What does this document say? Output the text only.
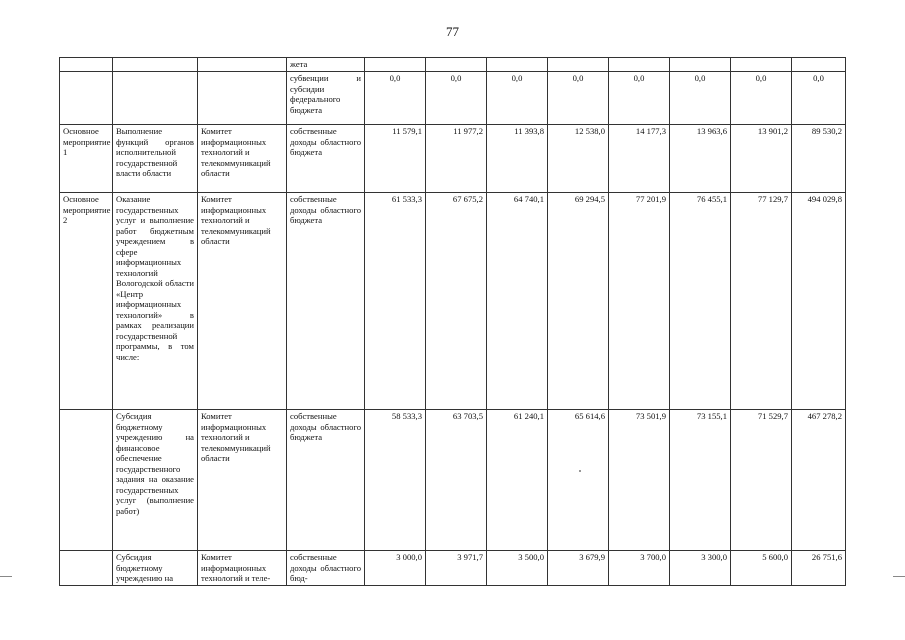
77
			жета								
			субвенции и субсидии федерального бюджета	0,0	0,0	0,0	0,0	0,0	0,0	0,0	0,0
Основное мероприятие 1	Выполнение функций органов исполнительной государственной власти области	Комитет информационных технологий и телекоммуникаций области	собственные доходы областного бюджета	11 579,1	11 977,2	11 393,8	12 538,0	14 177,3	13 963,6	13 901,2	89 530,2
Основное мероприятие 2	Оказание государственных услуг и выполнение работ бюджетным учреждением в сфере информационных технологий Вологодской области «Центр информационных технологий» в рамках реализации государственной программы, в том числе:	Комитет информационных технологий и телекоммуникаций области	собственные доходы областного бюджета	61 533,3	67 675,2	64 740,1	69 294,5	77 201,9	76 455,1	77 129,7	494 029,8
	Субсидия бюджетному учреждению на финансовое обеспечение государственного задания на оказание государственных услуг (выполнение работ)	Комитет информационных технологий и телекоммуникаций области	собственные доходы областного бюджета	58 533,3	63 703,5	61 240,1	65 614,6	73 501,9	73 155,1	71 529,7	467 278,2
	Субсидия бюджетному учреждению на	Комитет информационных технологий и теле-	собственные доходы областного бюд-	3 000,0	3 971,7	3 500,0	3 679,9	3 700,0	3 300,0	5 600,0	26 751,6
